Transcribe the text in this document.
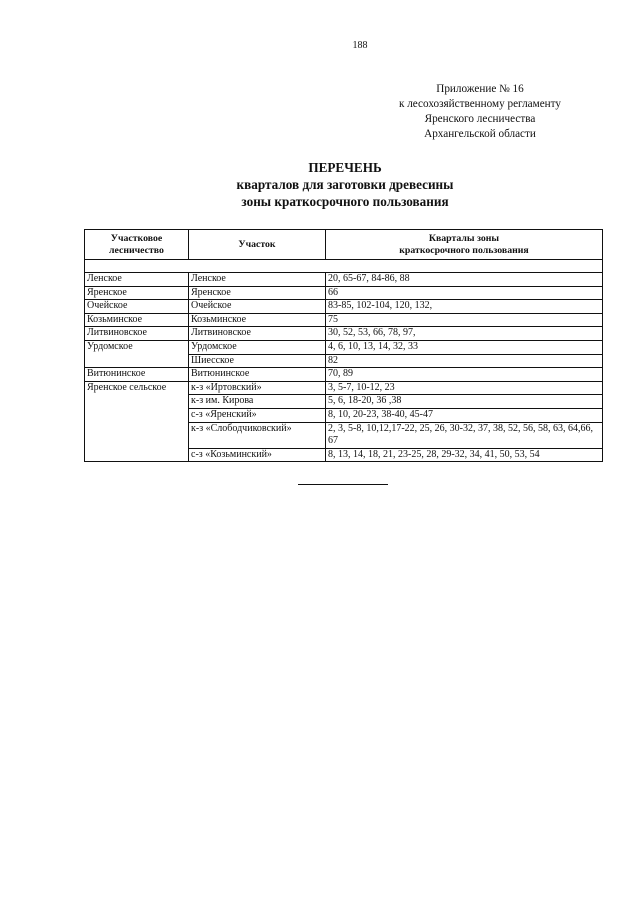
188
Приложение № 16
к лесохозяйственному регламенту
Яренского лесничества
Архангельской области
ПЕРЕЧЕНЬ
кварталов для заготовки древесины
зоны краткосрочного пользования
Участковое
лесничество	Участок	Кварталы зоны
краткосрочного пользования

Ленское	Ленское	20, 65-67, 84-86, 88
Яренское	Яренское	66
Очейское	Очейское	83-85, 102-104, 120, 132,
Козьминское	Козьминское	75
Литвиновское	Литвиновское	30, 52, 53, 66, 78, 97,
Урдомское	Урдомское	4, 6, 10, 13, 14, 32, 33
	Шиесское	82
Витюнинское	Витюнинское	70, 89
Яренское сельское	к-з «Иртовский»	3, 5-7, 10-12, 23
	к-з им. Кирова	5, 6, 18-20, 36 ,38
	с-з «Яренский»	8, 10, 20-23, 38-40, 45-47
	к-з «Слободчиковский»	2, 3, 5-8, 10,12,17-22, 25, 26, 30-32, 37, 38, 52, 56, 58, 63, 64,66, 67
	с-з «Козьминский»	8, 13, 14, 18, 21, 23-25, 28, 29-32, 34, 41, 50, 53, 54
